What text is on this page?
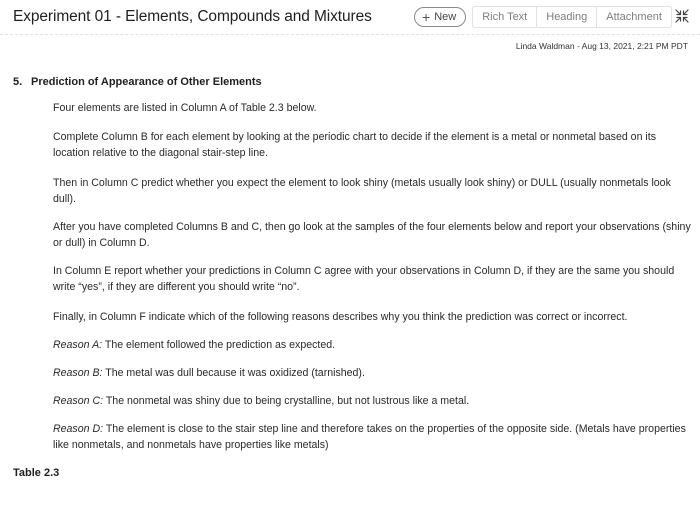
Experiment 01 - Elements, Compounds and Mixtures	+ New	Rich Text	Heading	Attachment
Linda Waldman - Aug 13, 2021, 2:21 PM PDT
5. Prediction of Appearance of Other Elements
Four elements are listed in Column A of Table 2.3 below.
Complete Column B for each element by looking at the periodic chart to decide if the element is a metal or nonmetal based on its location relative to the diagonal stair-step line.
Then in Column C predict whether you expect the element to look shiny (metals usually look shiny) or DULL (usually nonmetals look dull).
After you have completed Columns B and C, then go look at the samples of the four elements below and report your observations (shiny or dull) in Column D.
In Column E report whether your predictions in Column C agree with your observations in Column D, if they are the same you should write “yes”, if they are different you should write “no”.
Finally, in Column F indicate which of the following reasons describes why you think the prediction was correct or incorrect.
Reason A: The element followed the prediction as expected.
Reason B: The metal was dull because it was oxidized (tarnished).
Reason C: The nonmetal was shiny due to being crystalline, but not lustrous like a metal.
Reason D: The element is close to the stair step line and therefore takes on the properties of the opposite side. (Metals have properties like nonmetals, and nonmetals have properties like metals)
Table 2.3
